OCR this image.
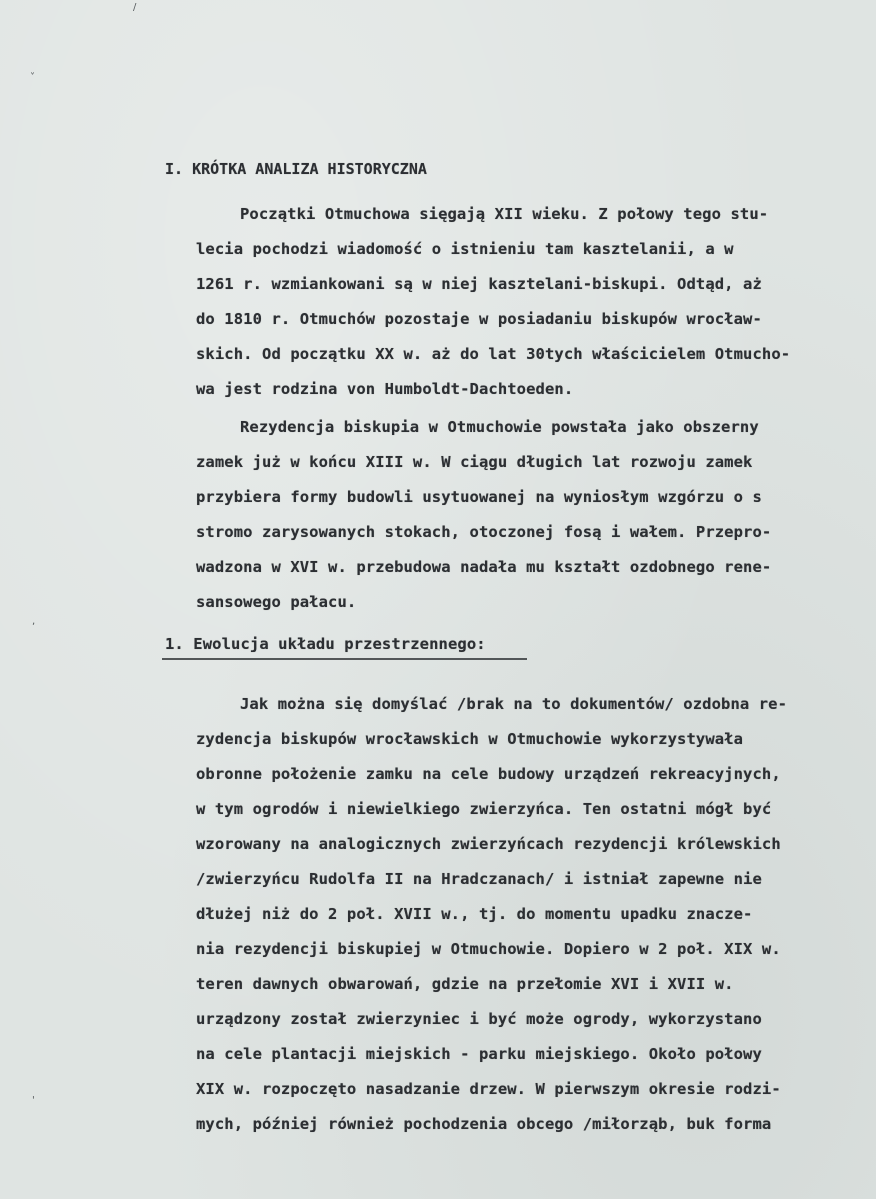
˅
,
'
/
I. KRÓTKA ANALIZA HISTORYCZNA
Początki Otmuchowa sięgają XII wieku. Z połowy tego stu-
lecia pochodzi wiadomość o istnieniu tam kasztelanii, a w
1261 r. wzmiankowani są w niej kasztelani-biskupi. Odtąd, aż
do 1810 r. Otmuchów pozostaje w posiadaniu biskupów wrocław-
skich. Od początku XX w. aż do lat 30tych właścicielem Otmucho-
wa jest rodzina von Humboldt-Dachtoeden.
Rezydencja biskupia w Otmuchowie powstała jako obszerny
zamek już w końcu XIII w. W ciągu długich lat rozwoju zamek
przybiera formy budowli usytuowanej na wyniosłym wzgórzu o s
stromo zarysowanych stokach, otoczonej fosą i wałem. Przepro-
wadzona w XVI w. przebudowa nadała mu kształt ozdobnego rene-
sansowego pałacu.
1. Ewolucja układu przestrzennego:
Jak można się domyślać /brak na to dokumentów/ ozdobna re-
zydencja biskupów wrocławskich w Otmuchowie wykorzystywała
obronne położenie zamku na cele budowy urządzeń rekreacyjnych,
w tym ogrodów i niewielkiego zwierzyńca. Ten ostatni mógł być
wzorowany na analogicznych zwierzyńcach rezydencji królewskich
/zwierzyńcu Rudolfa II na Hradczanach/ i istniał zapewne nie
dłużej niż do 2 poł. XVII w., tj. do momentu upadku znacze-
nia rezydencji biskupiej w Otmuchowie. Dopiero w 2 poł. XIX w.
teren dawnych obwarowań, gdzie na przełomie XVI i XVII w.
urządzony został zwierzyniec i być może ogrody, wykorzystano
na cele plantacji miejskich - parku miejskiego. Około połowy
XIX w. rozpoczęto nasadzanie drzew. W pierwszym okresie rodzi-
mych, później również pochodzenia obcego /miłorząb, buk forma
